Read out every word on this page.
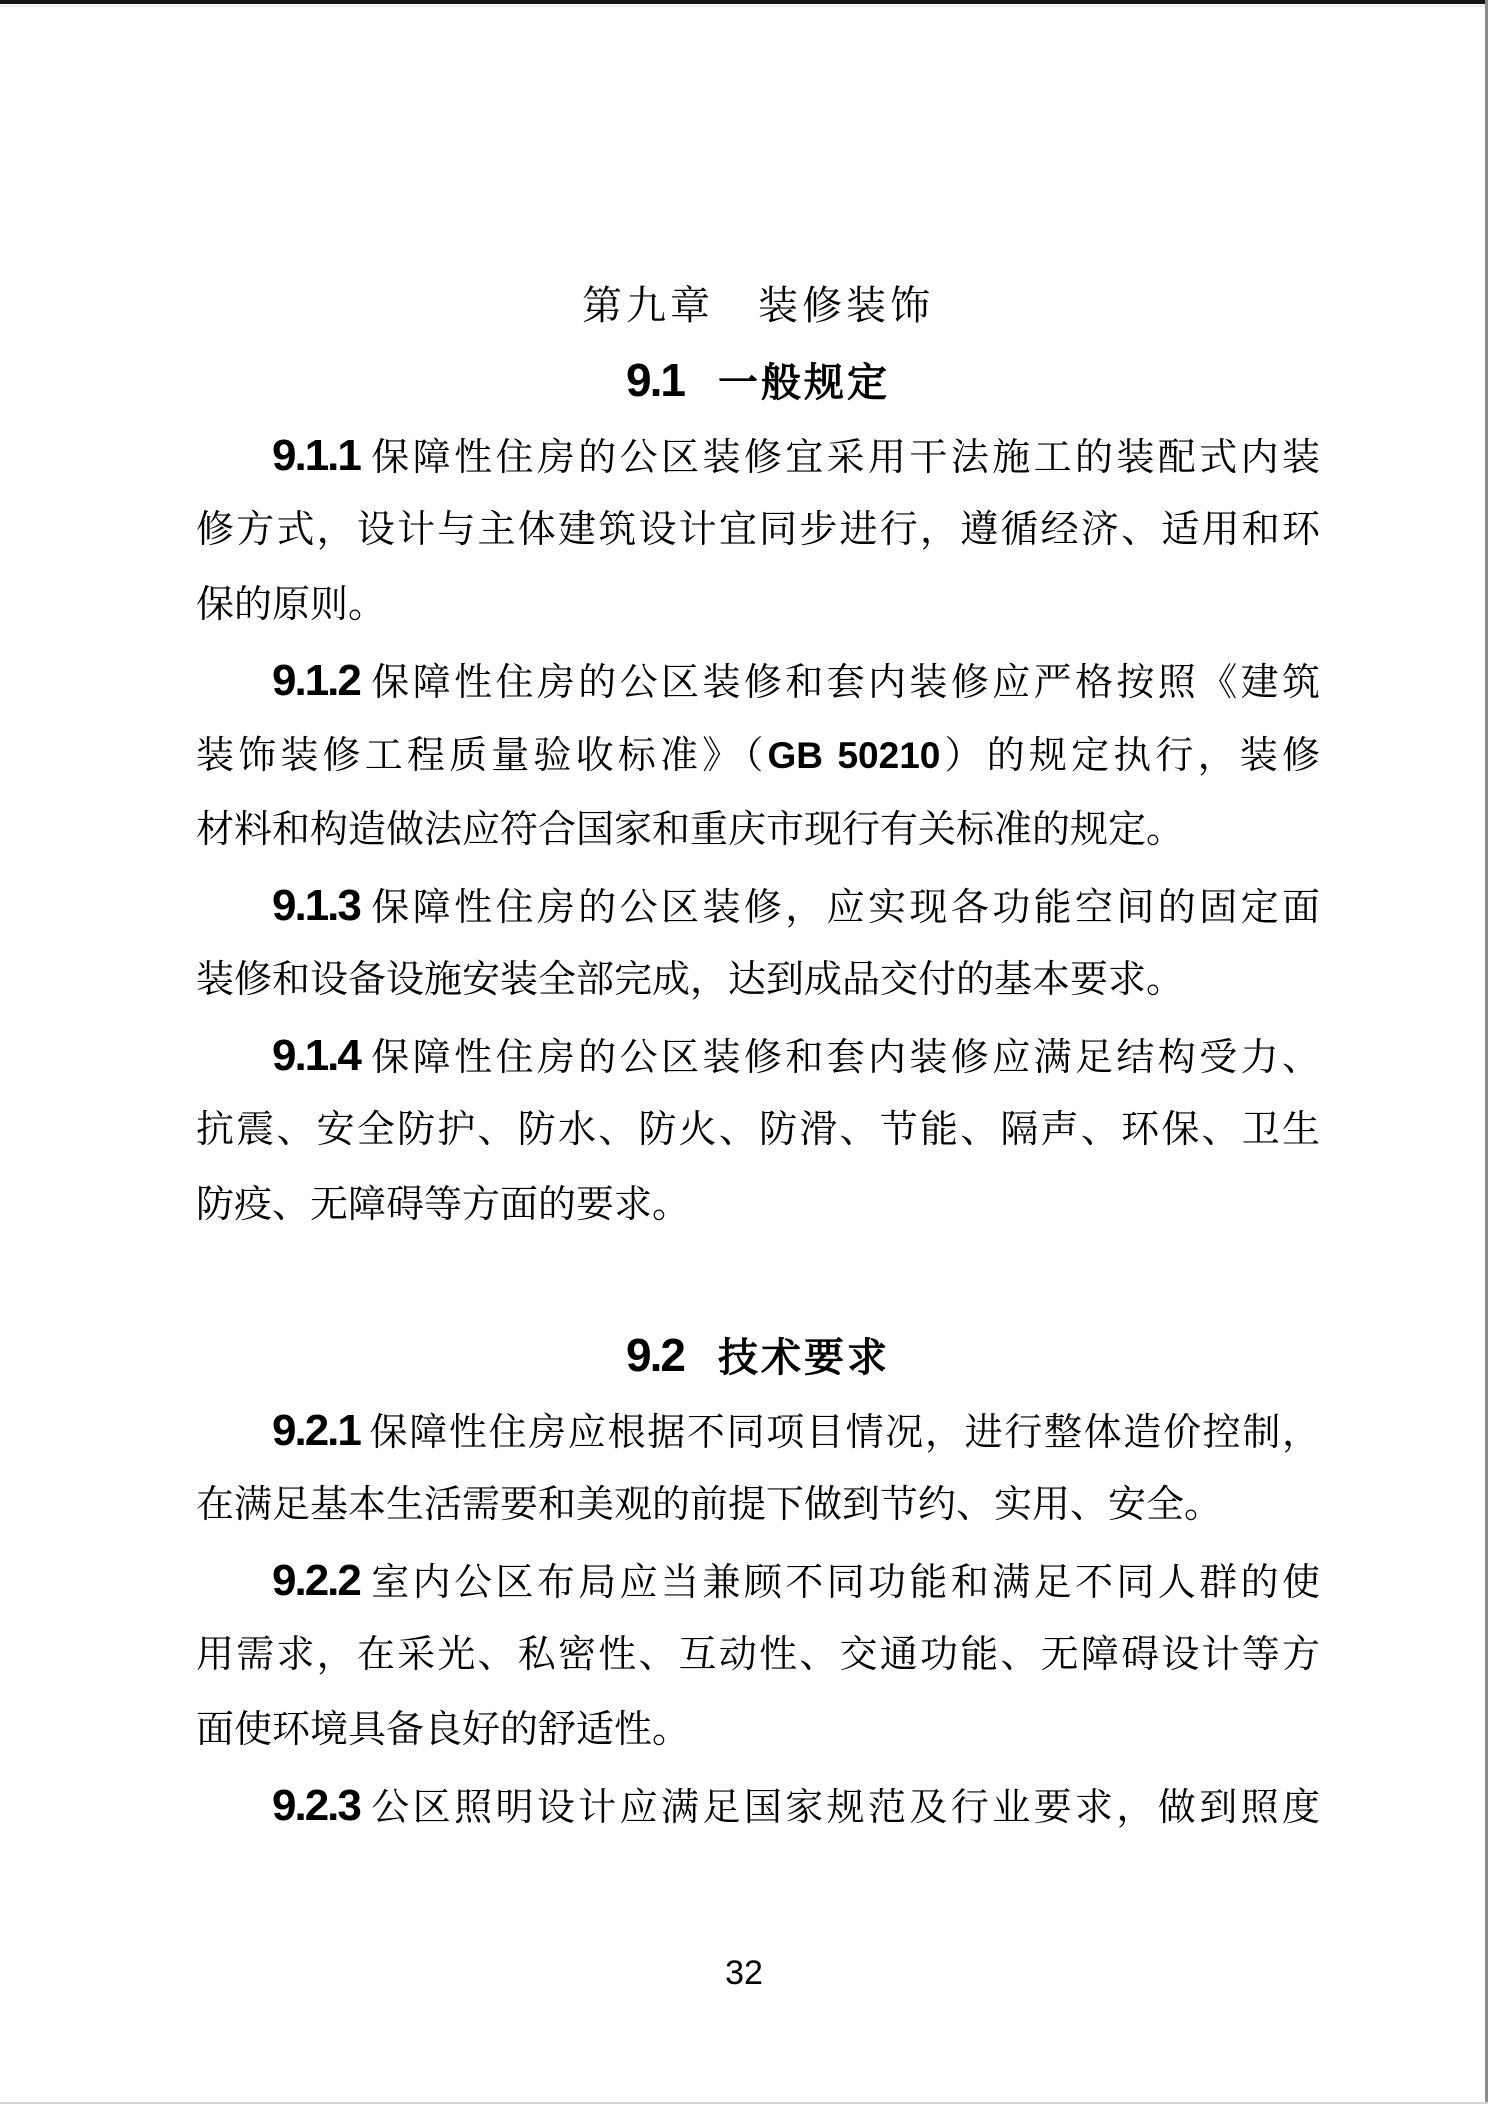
第九章　装修装饰
9.1 一般规定
9.1.1 保障性住房的公区装修宜采用干法施工的装配式内装
修方式，设计与主体建筑设计宜同步进行，遵循经济、适用和环
保的原则。
9.1.2 保障性住房的公区装修和套内装修应严格按照《建筑
装饰装修工程质量验收标准》（GB 50210）的规定执行，装修
材料和构造做法应符合国家和重庆市现行有关标准的规定。
9.1.3 保障性住房的公区装修，应实现各功能空间的固定面
装修和设备设施安装全部完成，达到成品交付的基本要求。
9.1.4 保障性住房的公区装修和套内装修应满足结构受力、
抗震、安全防护、防水、防火、防滑、节能、隔声、环保、卫生
防疫、无障碍等方面的要求。
9.2 技术要求
9.2.1 保障性住房应根据不同项目情况，进行整体造价控制，
在满足基本生活需要和美观的前提下做到节约、实用、安全。
9.2.2 室内公区布局应当兼顾不同功能和满足不同人群的使
用需求，在采光、私密性、互动性、交通功能、无障碍设计等方
面使环境具备良好的舒适性。
9.2.3 公区照明设计应满足国家规范及行业要求，做到照度
32
